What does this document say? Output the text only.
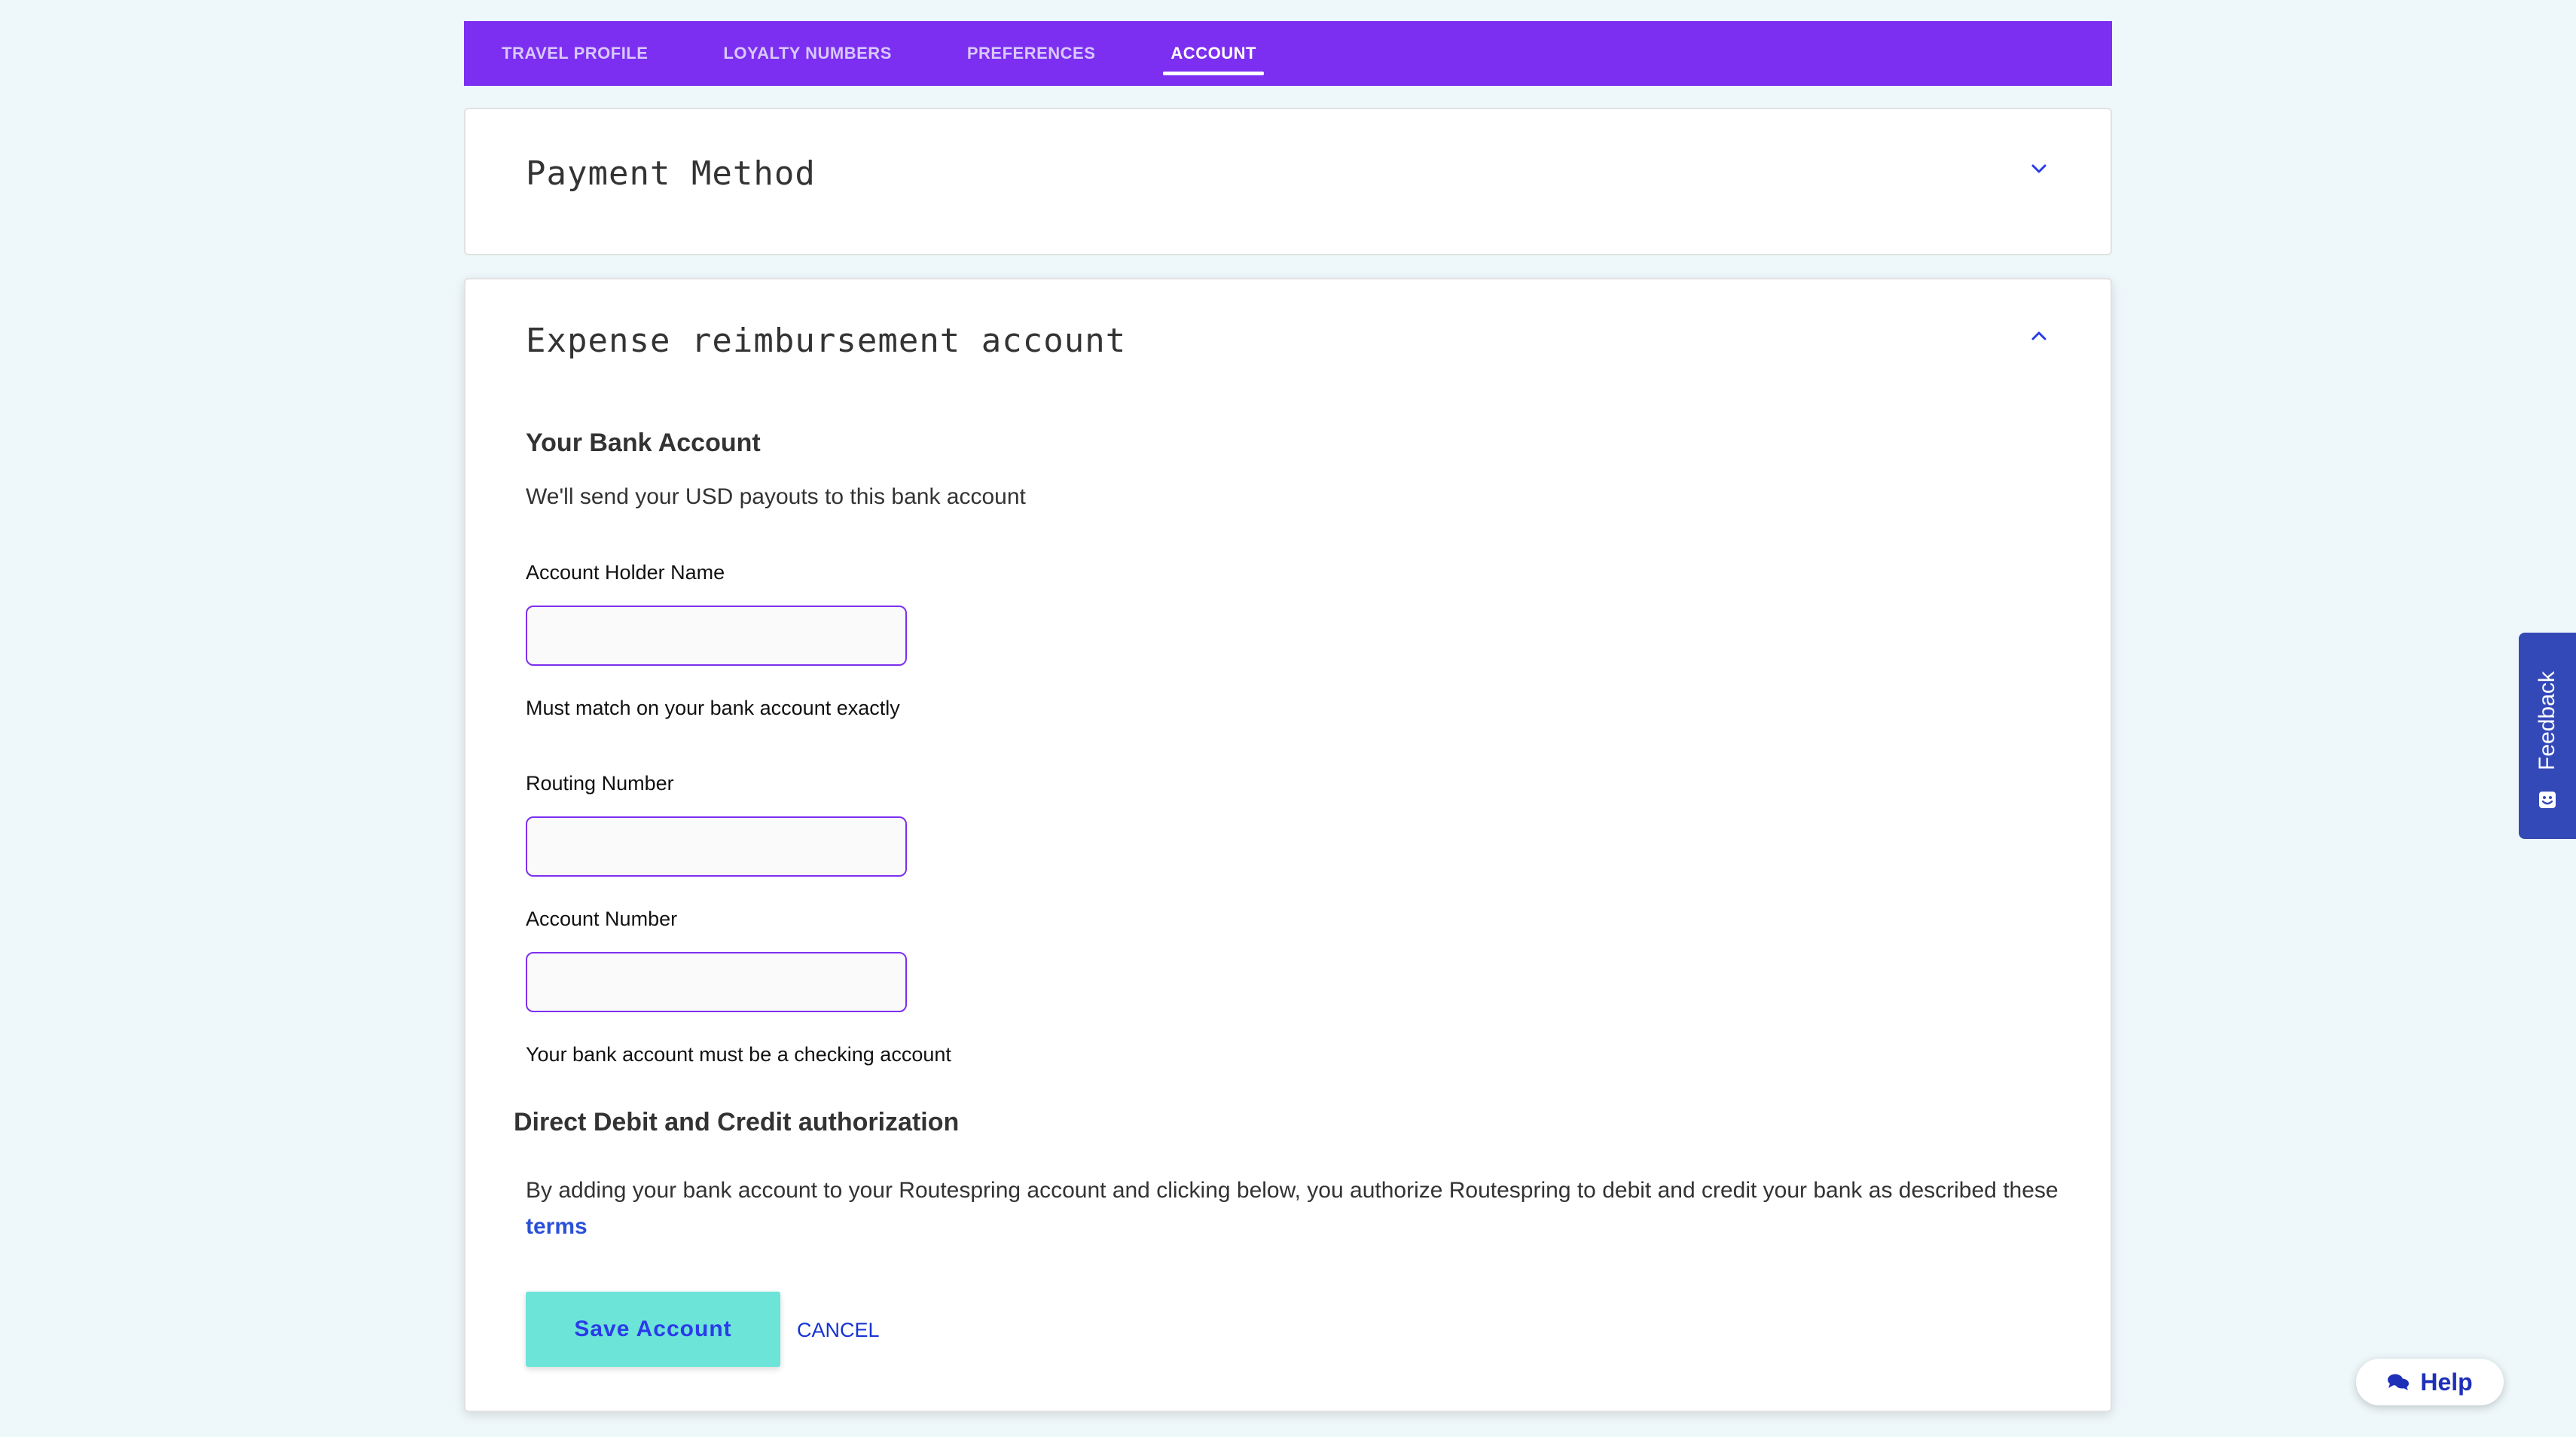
TRAVEL PROFILE	LOYALTY NUMBERS	PREFERENCES	ACCOUNT
Payment Method
Expense reimbursement account
Your Bank Account
We'll send your USD payouts to this bank account
Account Holder Name
Must match on your bank account exactly
Routing Number
Account Number
Your bank account must be a checking account
Direct Debit and Credit authorization
By adding your bank account to your Routespring account and clicking below, you authorize Routespring to debit and credit your bank as described these terms
Save Account	CANCEL
Feedback
Help
